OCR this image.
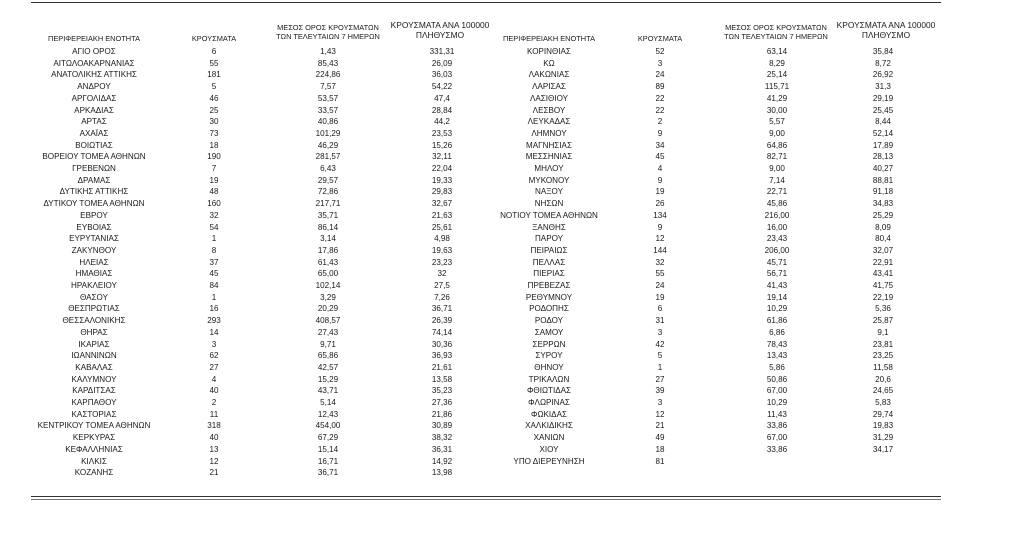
ΠΕΡΙΦΕΡΕΙΑΚΗ ΕΝΟΤΗΤΑ	ΚΡΟΥΣΜΑΤΑ
ΜΕΣΟΣ ΟΡΟΣ ΚΡΟΥΣΜΑΤΩΝ
ΤΩΝ ΤΕΛΕΥΤΑΙΩΝ 7 ΗΜΕΡΩΝ
ΚΡΟΥΣΜΑΤΑ ΑΝΑ 100000
ΠΛΗΘΥΣΜΟ	ΠΕΡΙΦΕΡΕΙΑΚΗ ΕΝΟΤΗΤΑ	ΚΡΟΥΣΜΑΤΑ
ΜΕΣΟΣ ΟΡΟΣ ΚΡΟΥΣΜΑΤΩΝ
ΤΩΝ ΤΕΛΕΥΤΑΙΩΝ 7 ΗΜΕΡΩΝ
ΚΡΟΥΣΜΑΤΑ ΑΝΑ 100000
ΠΛΗΘΥΣΜΟ
ΑΓΙΟ ΟΡΟΣ	6	1,43	331,31
ΑΙΤΩΛΟΑΚΑΡΝΑΝΙΑΣ	55	85,43	26,09
ΑΝΑΤΟΛΙΚΗΣ ΑΤΤΙΚΗΣ	181	224,86	36,03
ΑΝΔΡΟΥ	5	7,57	54,22
ΑΡΓΟΛΙΔΑΣ	46	53,57	47,4
ΑΡΚΑΔΙΑΣ	25	33,57	28,84
ΑΡΤΑΣ	30	40,86	44,2
ΑΧΑΪΑΣ	73	101,29	23,53
ΒΟΙΩΤΙΑΣ	18	46,29	15,26
ΒΟΡΕΙΟΥ ΤΟΜΕΑ ΑΘΗΝΩΝ	190	281,57	32,11
ΓΡΕΒΕΝΩΝ	7	6,43	22,04
ΔΡΑΜΑΣ	19	29,57	19,33
ΔΥΤΙΚΗΣ ΑΤΤΙΚΗΣ	48	72,86	29,83
ΔΥΤΙΚΟΥ ΤΟΜΕΑ ΑΘΗΝΩΝ	160	217,71	32,67
ΕΒΡΟΥ	32	35,71	21,63
ΕΥΒΟΙΑΣ	54	86,14	25,61
ΕΥΡΥΤΑΝΙΑΣ	1	3,14	4,98
ΖΑΚΥΝΘΟΥ	8	17,86	19,63
ΗΛΕΙΑΣ	37	61,43	23,23
ΗΜΑΘΙΑΣ	45	65,00	32
ΗΡΑΚΛΕΙΟΥ	84	102,14	27,5
ΘΑΣΟΥ	1	3,29	7,26
ΘΕΣΠΡΩΤΙΑΣ	16	20,29	36,71
ΘΕΣΣΑΛΟΝΙΚΗΣ	293	408,57	26,39
ΘΗΡΑΣ	14	27,43	74,14
ΙΚΑΡΙΑΣ	3	9,71	30,36
ΙΩΑΝΝΙΝΩΝ	62	65,86	36,93
ΚΑΒΑΛΑΣ	27	42,57	21,61
ΚΑΛΥΜΝΟΥ	4	15,29	13,58
ΚΑΡΔΙΤΣΑΣ	40	43,71	35,23
ΚΑΡΠΑΘΟΥ	2	5,14	27,36
ΚΑΣΤΟΡΙΑΣ	11	12,43	21,86
ΚΕΝΤΡΙΚΟΥ ΤΟΜΕΑ ΑΘΗΝΩΝ	318	454,00	30,89
ΚΕΡΚΥΡΑΣ	40	67,29	38,32
ΚΕΦΑΛΛΗΝΙΑΣ	13	15,14	36,31
ΚΙΛΚΙΣ	12	16,71	14,92
ΚΟΖΑΝΗΣ	21	36,71	13,98
ΚΟΡΙΝΘΙΑΣ	52	63,14	35,84
ΚΩ	3	8,29	8,72
ΛΑΚΩΝΙΑΣ	24	25,14	26,92
ΛΑΡΙΣΑΣ	89	115,71	31,3
ΛΑΣΙΘΙΟΥ	22	41,29	29,19
ΛΕΣΒΟΥ	22	30,00	25,45
ΛΕΥΚΑΔΑΣ	2	5,57	8,44
ΛΗΜΝΟΥ	9	9,00	52,14
ΜΑΓΝΗΣΙΑΣ	34	64,86	17,89
ΜΕΣΣΗΝΙΑΣ	45	82,71	28,13
ΜΗΛΟΥ	4	9,00	40,27
ΜΥΚΟΝΟΥ	9	7,14	88,81
ΝΑΞΟΥ	19	22,71	91,18
ΝΗΣΩΝ	26	45,86	34,83
ΝΟΤΙΟΥ ΤΟΜΕΑ ΑΘΗΝΩΝ	134	216,00	25,29
ΞΑΝΘΗΣ	9	16,00	8,09
ΠΑΡΟΥ	12	23,43	80,4
ΠΕΙΡΑΙΩΣ	144	206,00	32,07
ΠΕΛΛΑΣ	32	45,71	22,91
ΠΙΕΡΙΑΣ	55	56,71	43,41
ΠΡΕΒΕΖΑΣ	24	41,43	41,75
ΡΕΘΥΜΝΟΥ	19	19,14	22,19
ΡΟΔΟΠΗΣ	6	10,29	5,36
ΡΟΔΟΥ	31	61,86	25,87
ΣΑΜΟΥ	3	6,86	9,1
ΣΕΡΡΩΝ	42	78,43	23,81
ΣΥΡΟΥ	5	13,43	23,25
ΘΗΝΟΥ	1	5,86	11,58
ΤΡΙΚΑΛΩΝ	27	50,86	20,6
ΦΘΙΩΤΙΔΑΣ	39	67,00	24,65
ΦΛΩΡΙΝΑΣ	3	10,29	5,83
ΦΩΚΙΔΑΣ	12	11,43	29,74
ΧΑΛΚΙΔΙΚΗΣ	21	33,86	19,83
ΧΑΝΙΩΝ	49	67,00	31,29
ΧΙΟΥ	18	33,86	34,17
ΥΠΟ ΔΙΕΡΕΥΝΗΣΗ	81
